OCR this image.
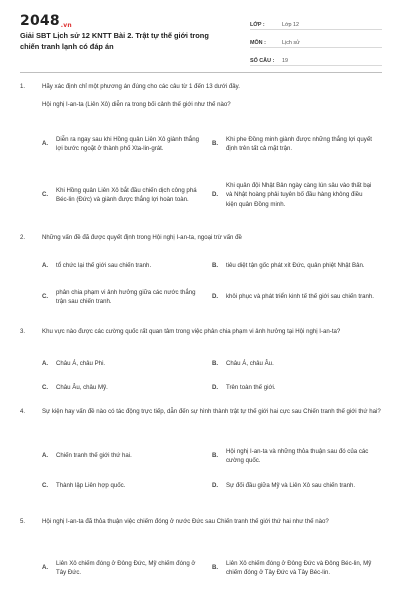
2048.vn
Giải SBT Lịch sử 12 KNTT Bài 2. Trật tự thế giới trong chiến tranh lạnh có đáp án
LỚP :	Lớp 12
MÔN :	Lịch sử
SỐ CÂU :	19
1.	Hãy xác định chỉ một phương án đúng cho các câu từ 1 đến 13 dưới đây.
Hội nghị I-an-ta (Liên Xô) diễn ra trong bối cảnh thế giới như thế nào?
A.
Diễn ra ngay sau khi Hồng quân Liên Xô giành thắng lợi bước ngoặt ở thành phố Xta-lin-grát.
B.
Khi phe Đồng minh giành được những thắng lợi quyết định trên tất cả mặt trận.
C.
Khi Hồng quân Liên Xô bắt đầu chiến dịch công phá Béc-lin (Đức) và giành được thắng lợi hoàn toàn.
D.
Khi quân đội Nhật Bản ngày càng lún sâu vào thất bại và Nhật hoàng phải tuyên bố đầu hàng không điều kiện quân Đồng minh.
2.	Những vấn đề đã được quyết định trong Hội nghị I-an-ta, ngoại trừ vấn đề
A.	tổ chức lại thế giới sau chiến tranh.	B.	tiêu diệt tận gốc phát xít Đức, quân phiệt Nhật Bản.
C.
phân chia phạm vi ảnh hưởng giữa các nước thắng trận sau chiến tranh.
D.	khôi phục và phát triển kinh tế thế giới sau chiến tranh.
3.	Khu vực nào được các cường quốc rất quan tâm trong việc phân chia phạm vi ảnh hưởng tại Hội nghị I-an-ta?
A.	Châu Á, châu Phi.	B.	Châu Á, châu Âu.
C.	Châu Âu, châu Mỹ.	D.	Trên toàn thế giới.
4.	Sự kiện hay vấn đề nào có tác động trực tiếp, dẫn đến sự hình thành trật tự thế giới hai cực sau Chiến tranh thế giới thứ hai?
A.	Chiến tranh thế giới thứ hai.	B.
Hội nghị I-an-ta và những thỏa thuận sau đó của các cường quốc.
C.	Thành lập Liên hợp quốc.	D.	Sự đối đầu giữa Mỹ và Liên Xô sau chiến tranh.
5.	Hội nghị I-an-ta đã thỏa thuận việc chiếm đóng ở nước Đức sau Chiến tranh thế giới thứ hai như thế nào?
A.
Liên Xô chiếm đóng ở Đông Đức, Mỹ chiếm đóng ở Tây Đức.
B.
Liên Xô chiếm đóng ở Đông Đức và Đông Béc-lin, Mỹ chiếm đóng ở Tây Đức và Tây Béc-lin.
